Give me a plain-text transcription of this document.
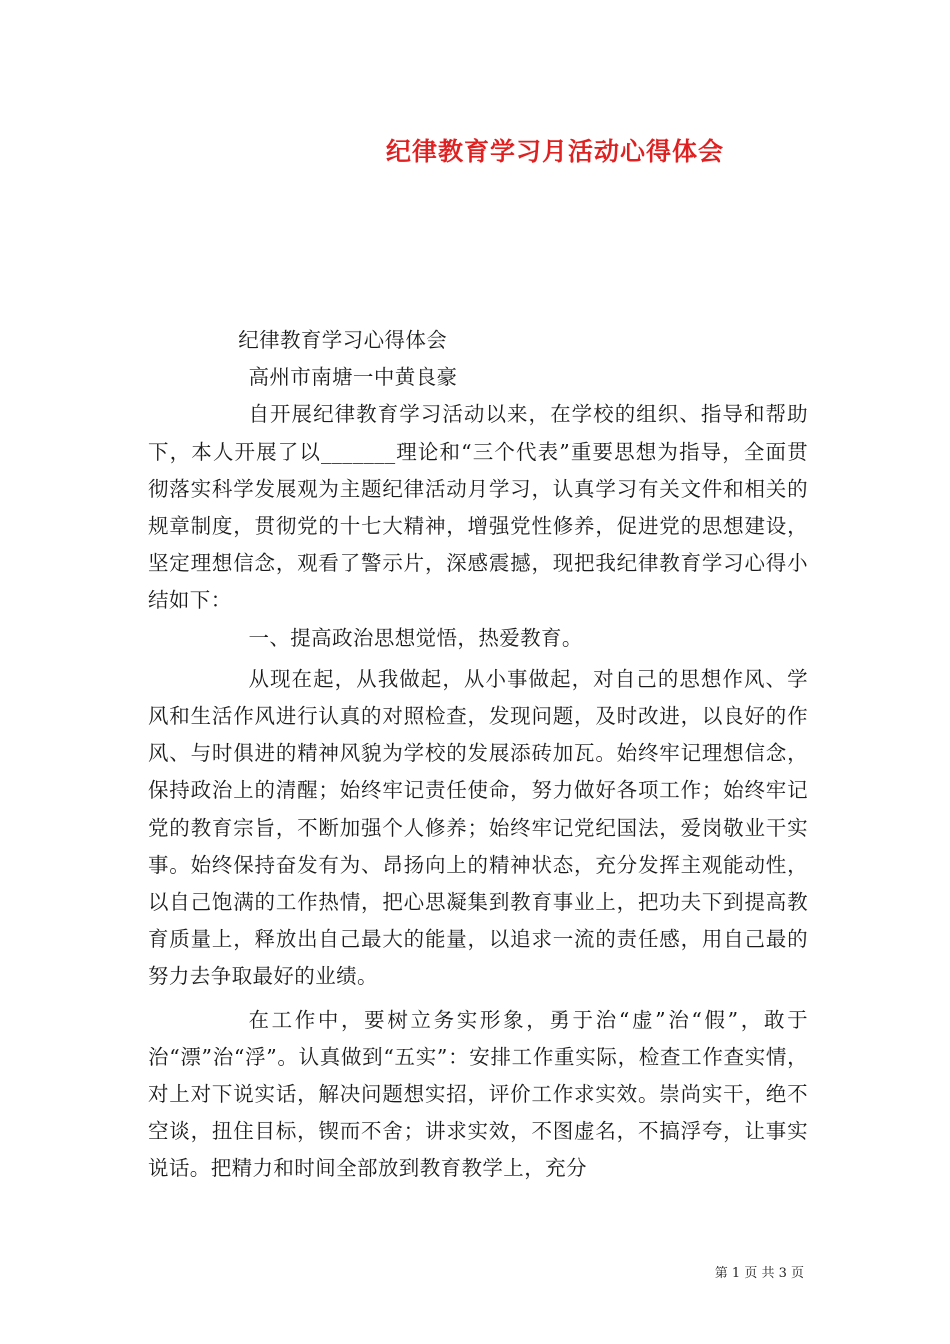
纪律教育学习月活动心得体会

纪律教育学习心得体会

高州市南塘一中黄良豪

自开展纪律教育学习活动以来，在学校的组织、指导和帮助下，本人开展了以_______理论和“三个代表”重要思想为指导，全面贯彻落实科学发展观为主题纪律活动月学习，认真学习有关文件和相关的规章制度，贯彻党的十七大精神，增强党性修养，促进党的思想建设，坚定理想信念，观看了警示片，深感震撼，现把我纪律教育学习心得小结如下：

一、提高政治思想觉悟，热爱教育。

从现在起，从我做起，从小事做起，对自己的思想作风、学风和生活作风进行认真的对照检查，发现问题，及时改进，以良好的作风、与时俱进的精神风貌为学校的发展添砖加瓦。始终牢记理想信念，保持政治上的清醒；始终牢记责任使命，努力做好各项工作；始终牢记党的教育宗旨，不断加强个人修养；始终牢记党纪国法，爱岗敬业干实事。始终保持奋发有为、昂扬向上的精神状态，充分发挥主观能动性，以自己饱满的工作热情，把心思凝集到教育事业上，把功夫下到提高教育质量上，释放出自己最大的能量，以追求一流的责任感，用自己最的努力去争取最好的业绩。

在工作中，要树立务实形象，勇于治“虚”治“假”，敢于治“漂”治“浮”。认真做到“五实”：安排工作重实际，检查工作查实情，对上对下说实话，解决问题想实招，评价工作求实效。崇尚实干，绝不空谈，扭住目标，锲而不舍；讲求实效，不图虚名，不搞浮夸，让事实说话。把精力和时间全部放到教育教学上，充分

第 1 页 共 3 页
